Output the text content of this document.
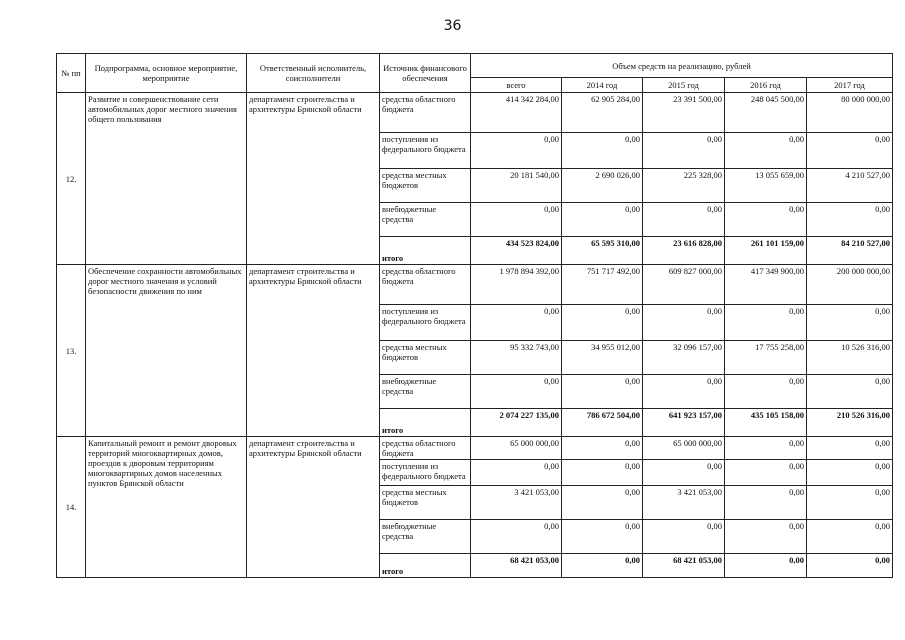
36
№ пп	Подпрограмма, основное мероприятие, мероприятие	Ответственный исполнитель, соисполнители	Источник финансового обеспечения	Объем средств на реализацию, рублей				
				всего	2014 год	2015 год	2016 год	2017 год
12.	Развитие и совершенствование сети автомобильных дорог местного значения общего пользования	департамент строительства и архитектуры Брянской области	средства областного бюджета	414 342 284,00	62 905 284,00	23 391 500,00	248 045 500,00	80 000 000,00
			поступления из федерального бюджета	0,00	0,00	0,00	0,00	0,00
			средства местных бюджетов	20 181 540,00	2 690 026,00	225 328,00	13 055 659,00	4 210 527,00
			внебюджетные средства	0,00	0,00	0,00	0,00	0,00
			итого	434 523 824,00	65 595 310,00	23 616 828,00	261 101 159,00	84 210 527,00
13.	Обеспечение сохранности автомобильных дорог местного значения и условий безопасности движения по ним	департамент строительства и архитектуры Брянской области	средства областного бюджета	1 978 894 392,00	751 717 492,00	609 827 000,00	417 349 900,00	200 000 000,00
			поступления из федерального бюджета	0,00	0,00	0,00	0,00	0,00
			средства местных бюджетов	95 332 743,00	34 955 012,00	32 096 157,00	17 755 258,00	10 526 316,00
			внебюджетные средства	0,00	0,00	0,00	0,00	0,00
			итого	2 074 227 135,00	786 672 504,00	641 923 157,00	435 105 158,00	210 526 316,00
14.	Капитальный ремонт и ремонт дворовых территорий многоквартирных домов, проездов к дворовым территориям многоквартирных домов населенных пунктов Брянской области	департамент строительства и архитектуры Брянской области	средства областного бюджета	65 000 000,00	0,00	65 000 000,00	0,00	0,00
			поступления из федерального бюджета	0,00	0,00	0,00	0,00	0,00
			средства местных бюджетов	3 421 053,00	0,00	3 421 053,00	0,00	0,00
			внебюджетные средства	0,00	0,00	0,00	0,00	0,00
			итого	68 421 053,00	0,00	68 421 053,00	0,00	0,00
